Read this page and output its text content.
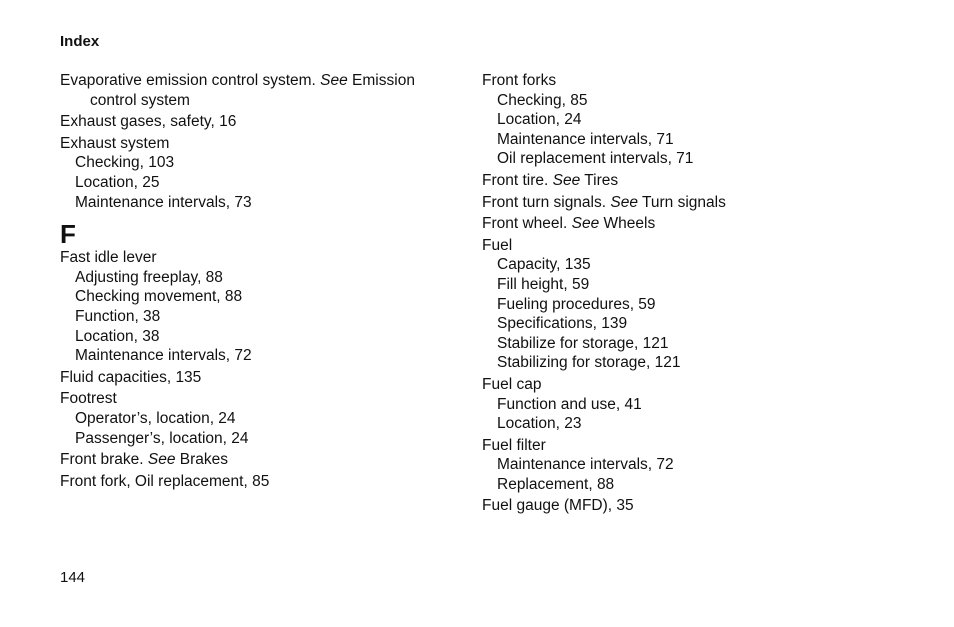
Index
Evaporative emission control system. See Emission control system
Exhaust gases, safety, 16
Exhaust system
Checking, 103
Location, 25
Maintenance intervals, 73
F
Fast idle lever
Adjusting freeplay, 88
Checking movement, 88
Function, 38
Location, 38
Maintenance intervals, 72
Fluid capacities, 135
Footrest
Operator’s, location, 24
Passenger’s, location, 24
Front brake. See Brakes
Front fork, Oil replacement, 85
Front forks
Checking, 85
Location, 24
Maintenance intervals, 71
Oil replacement intervals, 71
Front tire. See Tires
Front turn signals. See Turn signals
Front wheel. See Wheels
Fuel
Capacity, 135
Fill height, 59
Fueling procedures, 59
Specifications, 139
Stabilize for storage, 121
Stabilizing for storage, 121
Fuel cap
Function and use, 41
Location, 23
Fuel filter
Maintenance intervals, 72
Replacement, 88
Fuel gauge (MFD), 35
144
